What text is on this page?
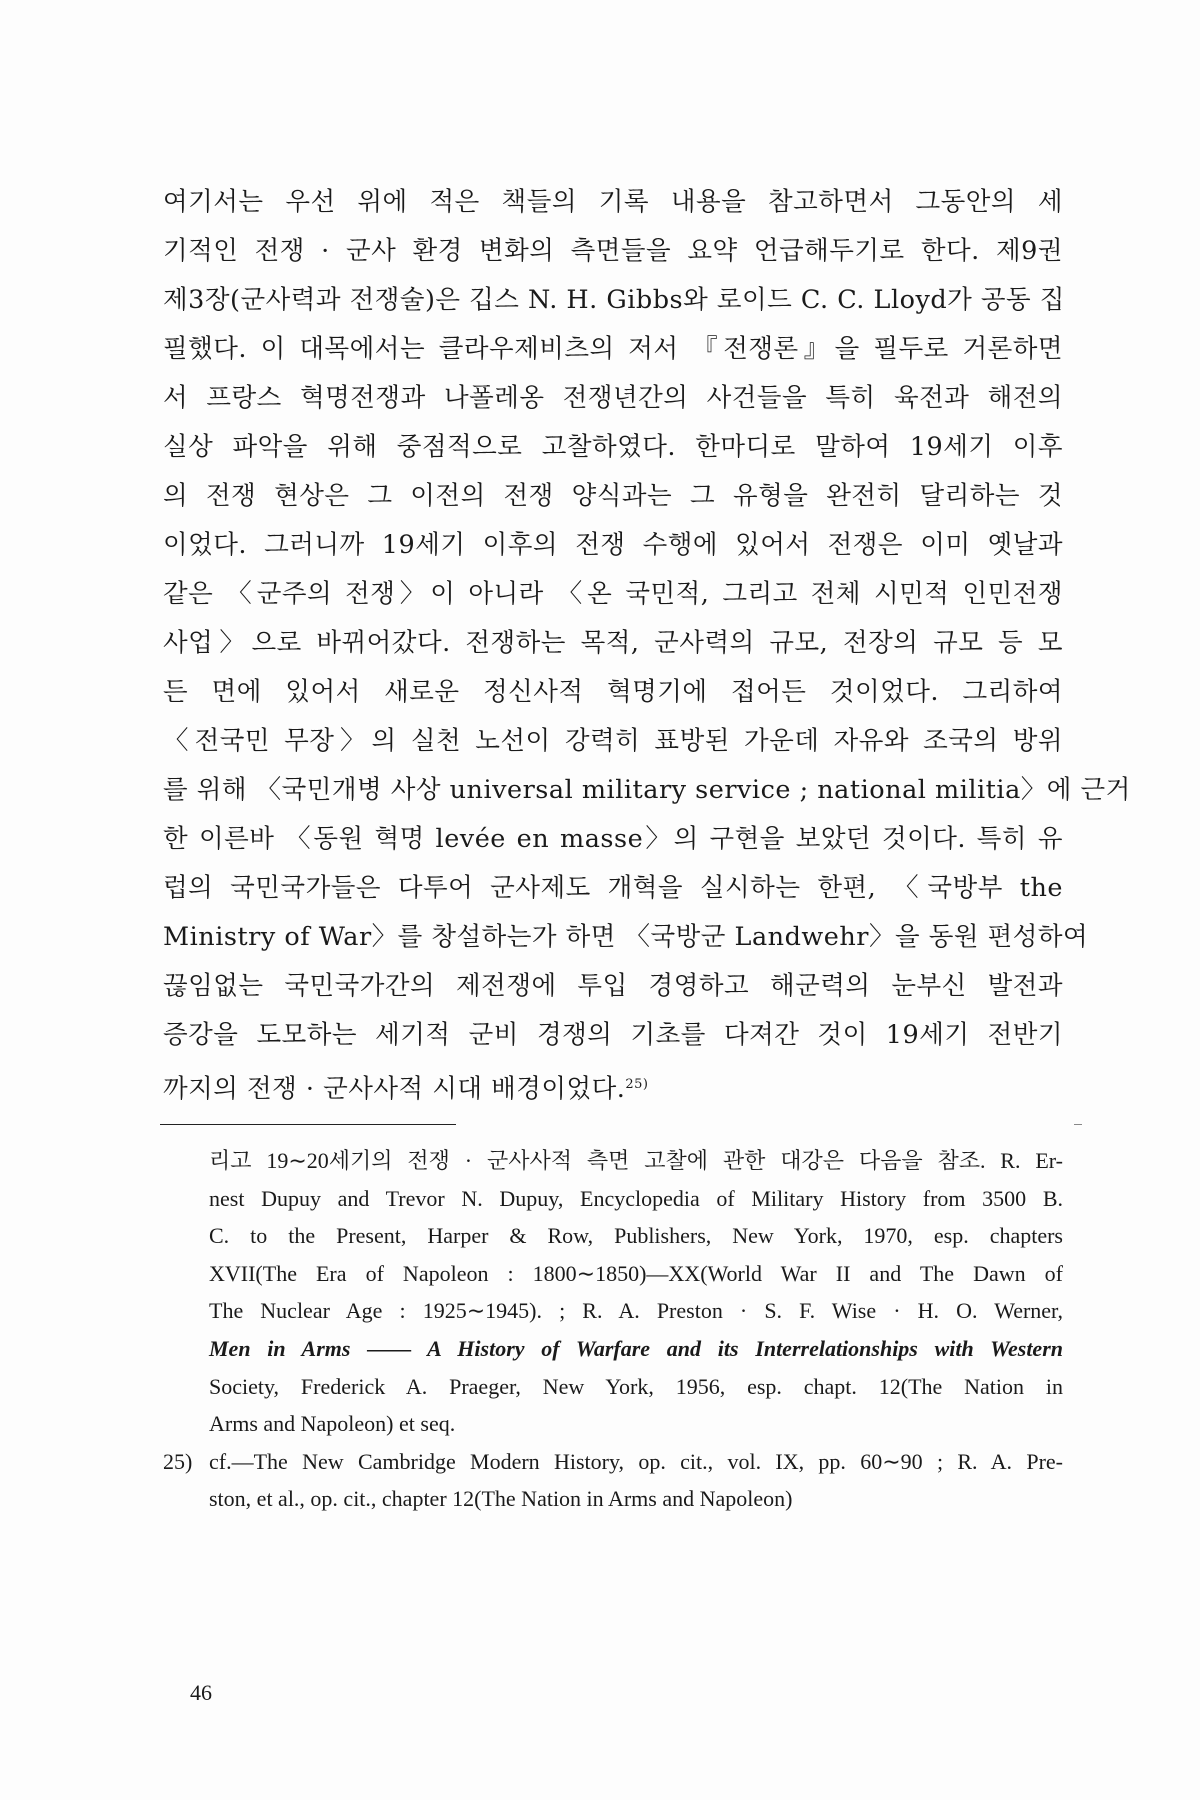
여기서는 우선 위에 적은 책들의 기록 내용을 참고하면서 그동안의 세
기적인 전쟁 · 군사 환경 변화의 측면들을 요약 언급해두기로 한다. 제9권
제3장(군사력과 전쟁술)은 깁스 N. H. Gibbs와 로이드 C. C. Lloyd가 공동 집
필했다. 이 대목에서는 클라우제비츠의 저서 『전쟁론』을 필두로 거론하면
서 프랑스 혁명전쟁과 나폴레옹 전쟁년간의 사건들을 특히 육전과 해전의
실상 파악을 위해 중점적으로 고찰하였다. 한마디로 말하여 19세기 이후
의 전쟁 현상은 그 이전의 전쟁 양식과는 그 유형을 완전히 달리하는 것
이었다. 그러니까 19세기 이후의 전쟁 수행에 있어서 전쟁은 이미 옛날과
같은 〈군주의 전쟁〉이 아니라 〈온 국민적, 그리고 전체 시민적 인민전쟁
사업〉으로 바뀌어갔다. 전쟁하는 목적, 군사력의 규모, 전장의 규모 등 모
든 면에 있어서 새로운 정신사적 혁명기에 접어든 것이었다. 그리하여
〈전국민 무장〉의 실천 노선이 강력히 표방된 가운데 자유와 조국의 방위
를 위해 〈국민개병 사상 universal military service ; national militia〉에 근거
한 이른바 〈동원 혁명 levée en masse〉의 구현을 보았던 것이다. 특히 유
럽의 국민국가들은 다투어 군사제도 개혁을 실시하는 한편, 〈국방부 the
Ministry of War〉를 창설하는가 하면 〈국방군 Landwehr〉을 동원 편성하여
끊임없는 국민국가간의 제전쟁에 투입 경영하고 해군력의 눈부신 발전과
증강을 도모하는 세기적 군비 경쟁의 기초를 다져간 것이 19세기 전반기
까지의 전쟁 · 군사사적 시대 배경이었다.$^{25)}$
리고 19∼20세기의 전쟁 · 군사사적 측면 고찰에 관한 대강은 다음을 참조. R. Er-
nest Dupuy and Trevor N. Dupuy, Encyclopedia of Military History from 3500 B.
C. to the Present, Harper & Row, Publishers, New York, 1970, esp. chapters
XVII(The Era of Napoleon : 1800∼1850)—XX(World War II and The Dawn of
The Nuclear Age : 1925∼1945). ; R. A. Preston · S. F. Wise · H. O. Werner,
Men in Arms ―― A History of Warfare and its Interrelationships with Western
Society, Frederick A. Praeger, New York, 1956, esp. chapt. 12(The Nation in
Arms and Napoleon) et seq.
25) cf.—The New Cambridge Modern History, op. cit., vol. IX, pp. 60∼90 ; R. A. Pre-
ston, et al., op. cit., chapter 12(The Nation in Arms and Napoleon)
46
